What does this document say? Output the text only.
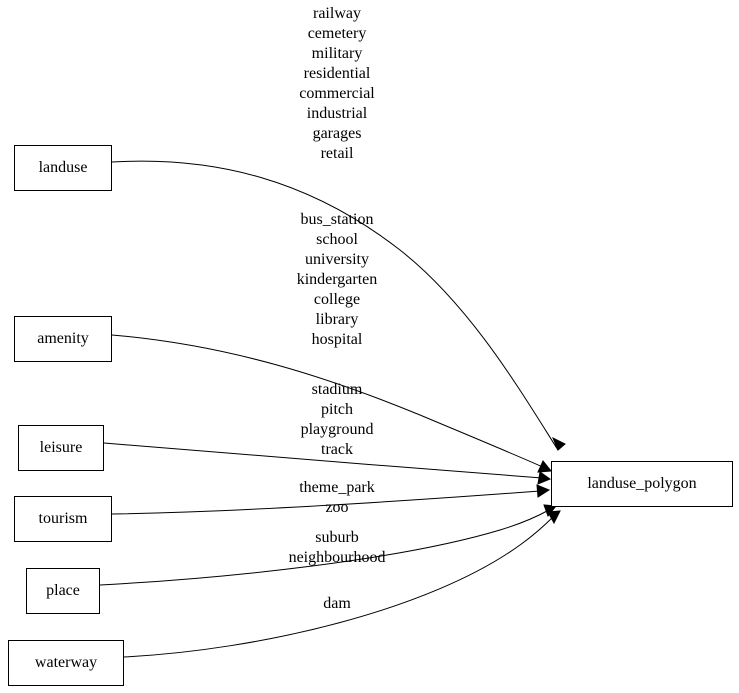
landuse
amenity
leisure
tourism
place
waterway
landuse_polygon
railway
cemetery
military
residential
commercial
industrial
garages
retail
bus_station
school
university
kindergarten
college
library
hospital
stadium
pitch
playground
track
theme_park
zoo
suburb
neighbourhood
dam
